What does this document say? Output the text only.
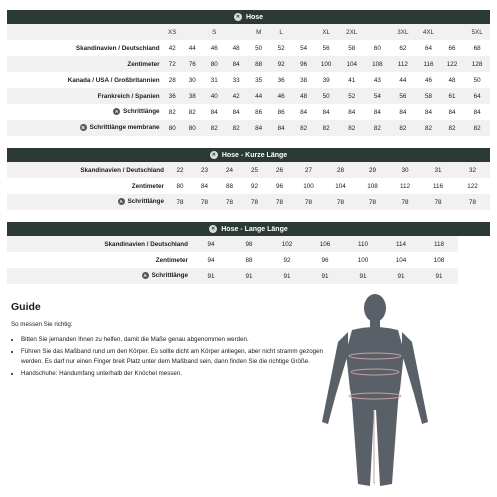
✕ Hose
	XS		S		M	L		XL	2XL		3XL	4XL		5XL
Skandinavien / Deutschland	42	44	46	48	50	52	54	56	58	60	62	64	66	68
Zentimeter	72	76	80	84	88	92	96	100	104	108	112	116	122	128
Kanada / USA / Großbritannien	28	30	31	33	35	36	38	39	41	43	44	46	48	50
Frankreich / Spanien	36	38	40	42	44	46	48	50	52	54	56	58	61	64
A Schrittlänge	82	82	84	84	86	86	84	84	84	84	84	84	84	84
B Schrittlänge membrane	80	80	82	82	84	84	82	82	82	82	82	82	82	82
✕ Hose - Kurze Länge
Skandinavien / Deutschland	22	23	24	25	26	27	28	29	30	31	32
Zentimeter	80	84	88	92	96	100	104	108	112	116	122
A Schrittlänge	78	78	78	78	78	78	78	78	78	78	78
✕ Hose - Lange Länge
Skandinavien / Deutschland	94	98	102	106	110	114	118
Zentimeter	94	88	92	96	100	104	108
A Schrittlänge	91	91	91	91	91	91	91
Guide
So messen Sie richtig:
• Bitten Sie jemanden Ihnen zu helfen, damit die Maße genau abgenommen werden.
• Führen Sie das Maßband rund um den Körper. Es sollte dicht am Körper anliegen, aber nicht stramm gezogen werden. Es darf nur einen Finger breit Platz unter dem Maßband sein, dann finden Sie die richtige Größe.
• Handschuhe: Handumfang unterhalb der Knöchel messen.
